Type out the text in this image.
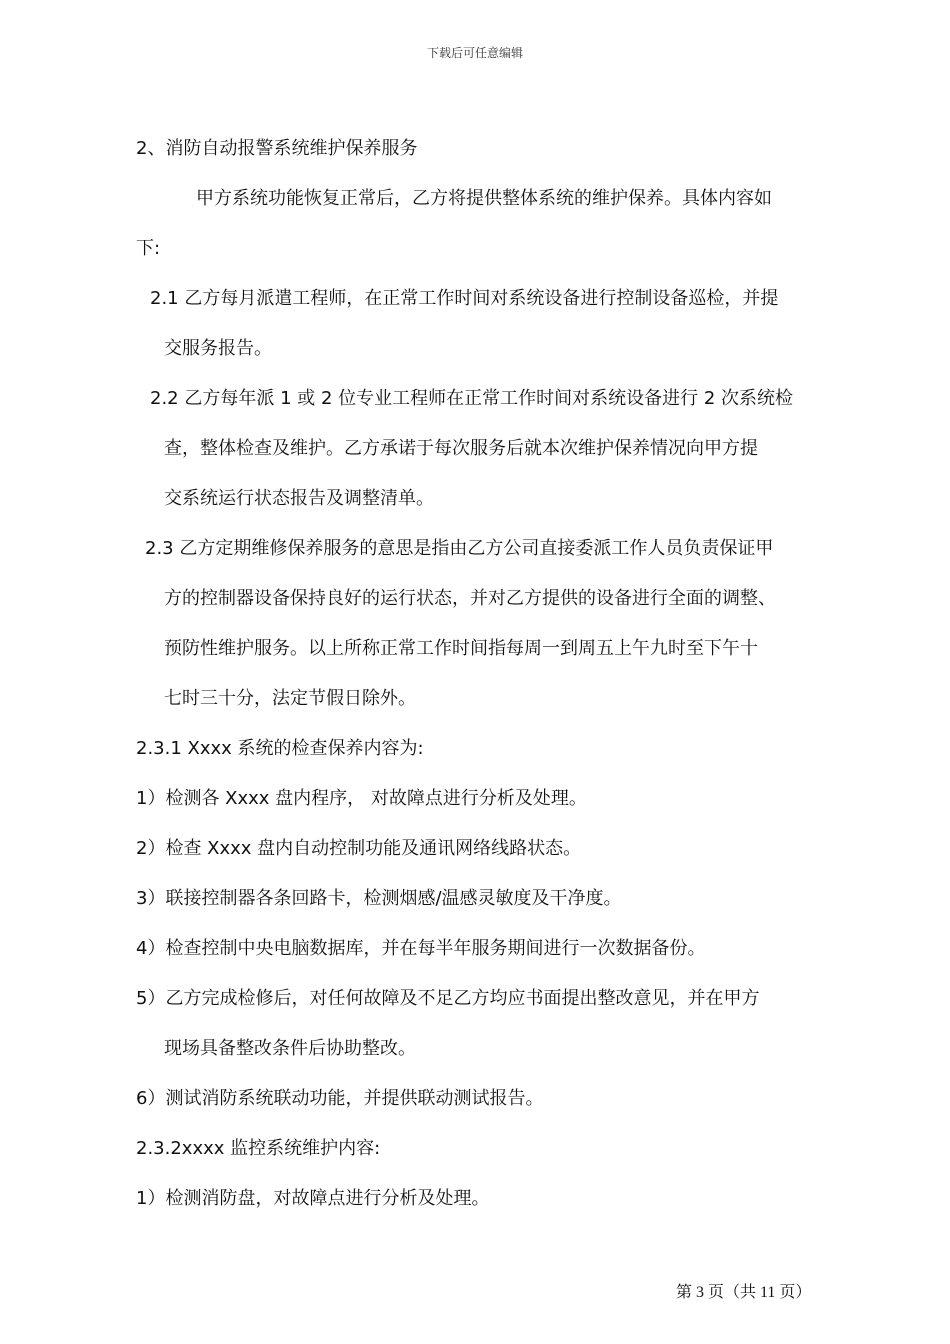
下载后可任意编辑
2、消防自动报警系统维护保养服务
甲方系统功能恢复正常后，乙方将提供整体系统的维护保养。具体内容如
下:
2.1 乙方每月派遣工程师，在正常工作时间对系统设备进行控制设备巡检，并提
交服务报告。
2.2 乙方每年派 1 或 2 位专业工程师在正常工作时间对系统设备进行 2 次系统检
查，整体检查及维护。乙方承诺于每次服务后就本次维护保养情况向甲方提
交系统运行状态报告及调整清单。
2.3 乙方定期维修保养服务的意思是指由乙方公司直接委派工作人员负责保证甲
方的控制器设备保持良好的运行状态，并对乙方提供的设备进行全面的调整、
预防性维护服务。以上所称正常工作时间指每周一到周五上午九时至下午十
七时三十分，法定节假日除外。
2.3.1 Xxxx 系统的检查保养内容为:
1）检测各 Xxxx 盘内程序， 对故障点进行分析及处理。
2）检查 Xxxx 盘内自动控制功能及通讯网络线路状态。
3）联接控制器各条回路卡，检测烟感/温感灵敏度及干净度。
4）检查控制中央电脑数据库，并在每半年服务期间进行一次数据备份。
5）乙方完成检修后，对任何故障及不足乙方均应书面提出整改意见，并在甲方
现场具备整改条件后协助整改。
6）测试消防系统联动功能，并提供联动测试报告。
2.3.2xxxx 监控系统维护内容:
1）检测消防盘，对故障点进行分析及处理。
第 3 页（共 11 页）
